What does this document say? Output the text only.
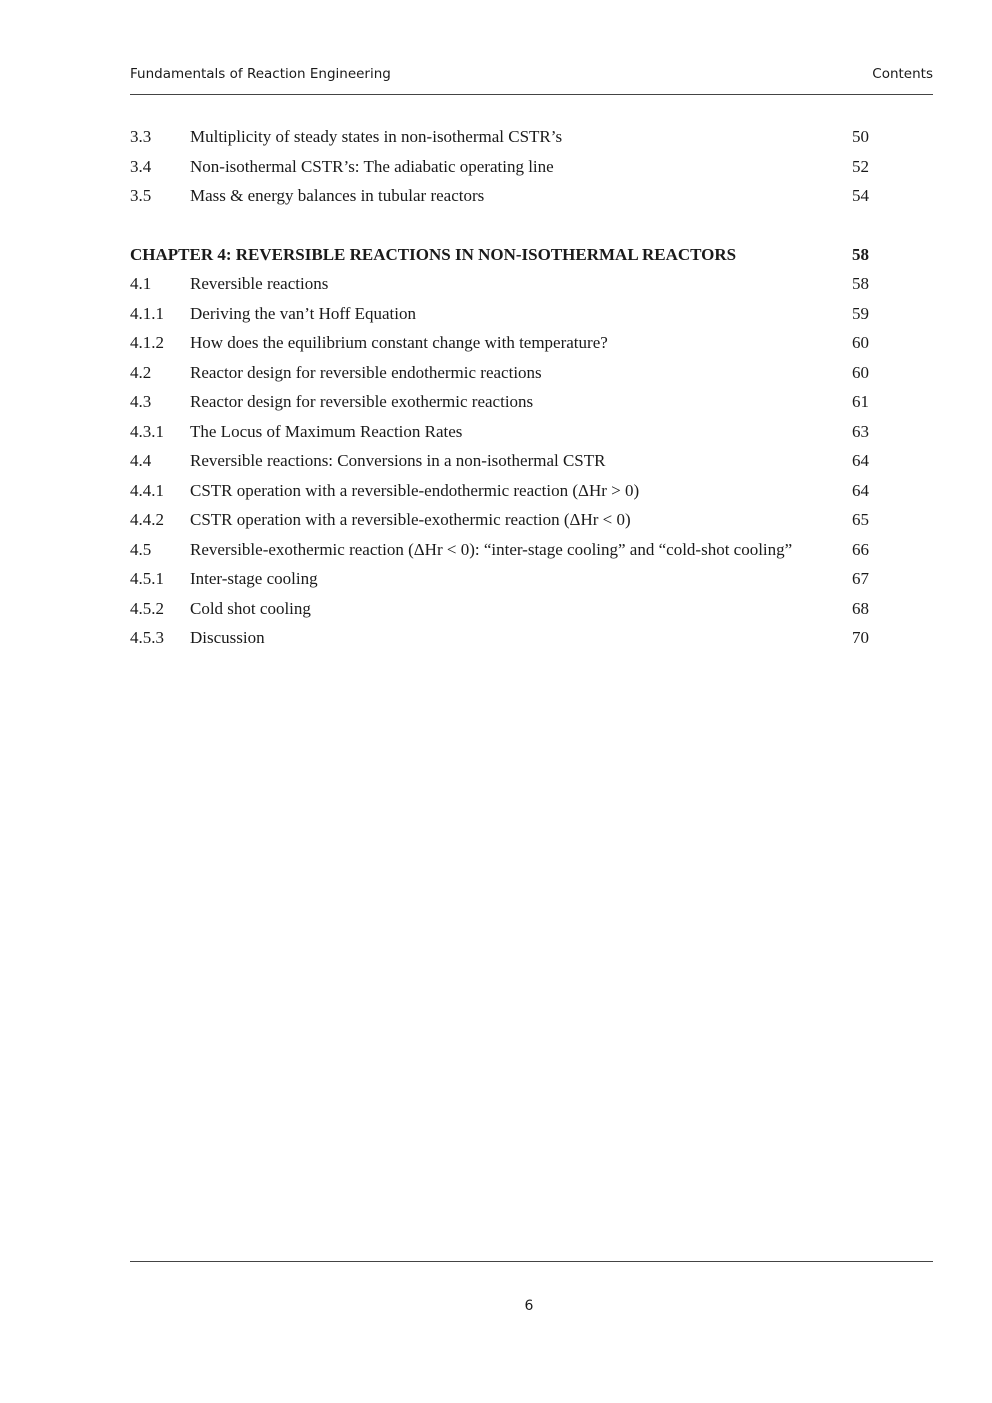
Fundamentals of Reaction Engineering	Contents
3.3 Multiplicity of steady states in non-isothermal CSTR’s	50
3.4 Non-isothermal CSTR’s: The adiabatic operating line	52
3.5 Mass & energy balances in tubular reactors	54
CHAPTER 4: REVERSIBLE REACTIONS IN NON-ISOTHERMAL REACTORS	58
4.1 Reversible reactions	58
4.1.1 Deriving the van’t Hoff Equation	59
4.1.2 How does the equilibrium constant change with temperature?	60
4.2 Reactor design for reversible endothermic reactions	60
4.3 Reactor design for reversible exothermic reactions	61
4.3.1 The Locus of Maximum Reaction Rates	63
4.4 Reversible reactions: Conversions in a non-isothermal CSTR	64
4.4.1 CSTR operation with a reversible-endothermic reaction (ΔHr > 0)	64
4.4.2 CSTR operation with a reversible-exothermic reaction (ΔHr < 0)	65
4.5 Reversible-exothermic reaction (ΔHr < 0): “inter-stage cooling” and “cold-shot cooling”	66
4.5.1 Inter-stage cooling	67
4.5.2 Cold shot cooling	68
4.5.3 Discussion	70
6
